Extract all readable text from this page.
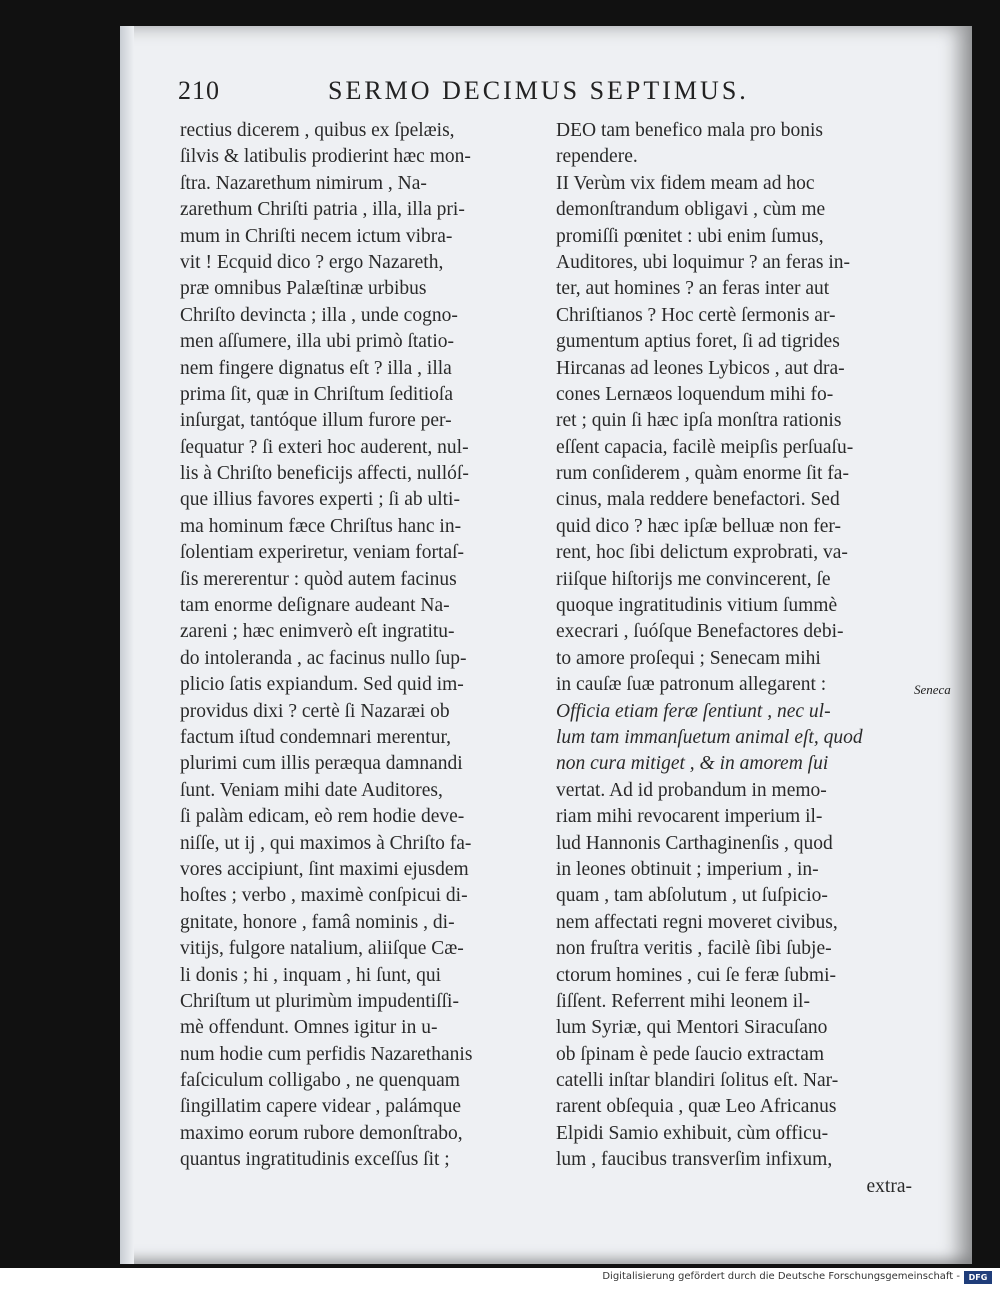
210	SERMO DECIMUS SEPTIMUS.
rectius dicerem , quibus ex ſpelæis,
ſilvis & latibulis prodierint hæc mon-
ſtra. Nazarethum nimirum , Na-
zarethum Chriſti patria , illa, illa pri-
mum in Chriſti necem ictum vibra-
vit ! Ecquid dico ? ergo Nazareth,
præ omnibus Palæſtinæ urbibus
Chriſto devincta ; illa , unde cogno-
men aſſumere, illa ubi primò ſtatio-
nem fingere dignatus eſt ? illa , illa
prima ſit, quæ in Chriſtum ſeditioſa
inſurgat, tantóque illum furore per-
ſequatur ? ſi exteri hoc auderent, nul-
lis à Chriſto beneficijs affecti, nullóſ-
que illius favores experti ; ſi ab ulti-
ma hominum fæce Chriſtus hanc in-
ſolentiam experiretur, veniam fortaſ-
ſis mererentur : quòd autem facinus
tam enorme deſignare audeant Na-
zareni ; hæc enimverò eſt ingratitu-
do intoleranda , ac facinus nullo ſup-
plicio ſatis expiandum. Sed quid im-
providus dixi ? certè ſi Nazaræi ob
factum iſtud condemnari merentur,
plurimi cum illis peræqua damnandi
ſunt. Veniam mihi date Auditores,
ſi palàm edicam, eò rem hodie deve-
niſſe, ut ij , qui maximos à Chriſto fa-
vores accipiunt, ſint maximi ejusdem
hoſtes ; verbo , maximè conſpicui di-
gnitate, honore , famâ nominis , di-
vitijs, fulgore natalium, aliiſque Cæ-
li donis ; hi , inquam , hi ſunt, qui
Chriſtum ut plurimùm impudentiſſi-
mè offendunt. Omnes igitur in u-
num hodie cum perfidis Nazarethanis
faſciculum colligabo , ne quenquam
ſingillatim capere videar , palámque
maximo eorum rubore demonſtrabo,
quantus ingratitudinis exceſſus ſit ;
DEO tam benefico mala pro bonis
rependere.
II Verùm vix fidem meam ad hoc
demonſtrandum obligavi , cùm me
promiſſi pœnitet : ubi enim ſumus,
Auditores, ubi loquimur ? an feras in-
ter, aut homines ? an feras inter aut
Chriſtianos ? Hoc certè ſermonis ar-
gumentum aptius foret, ſi ad tigrides
Hircanas ad leones Lybicos , aut dra-
cones Lernæos loquendum mihi fo-
ret ; quin ſi hæc ipſa monſtra rationis
eſſent capacia, facilè meipſis perſuaſu-
rum conſiderem , quàm enorme ſit fa-
cinus, mala reddere benefactori. Sed
quid dico ? hæc ipſæ belluæ non fer-
rent, hoc ſibi delictum exprobrati, va-
riiſque hiſtorijs me convincerent, ſe
quoque ingratitudinis vitium ſummè
execrari , ſuóſque Benefactores debi-
to amore proſequi ; Senecam mihi
in cauſæ ſuæ patronum allegarent :
Officia etiam feræ ſentiunt , nec ul-
lum tam immanſuetum animal eſt, quod
non cura mitiget , & in amorem ſui
vertat. Ad id probandum in memo-
riam mihi revocarent imperium il-
lud Hannonis Carthaginenſis , quod
in leones obtinuit ; imperium , in-
quam , tam abſolutum , ut ſuſpicio-
nem affectati regni moveret civibus,
non fruſtra veritis , facilè ſibi ſubje-
ctorum homines , cui ſe feræ ſubmi-
ſiſſent. Referrent mihi leonem il-
lum Syriæ, qui Mentori Siracuſano
ob ſpinam è pede ſaucio extractam
catelli inſtar blandiri ſolitus eſt. Nar-
rarent obſequia , quæ Leo Africanus
Elpidi Samio exhibuit, cùm officu-
lum , faucibus transverſim infixum,
extra-
Seneca
Digitalisierung gefördert durch die Deutsche Forschungsgemeinschaft -	DFG
